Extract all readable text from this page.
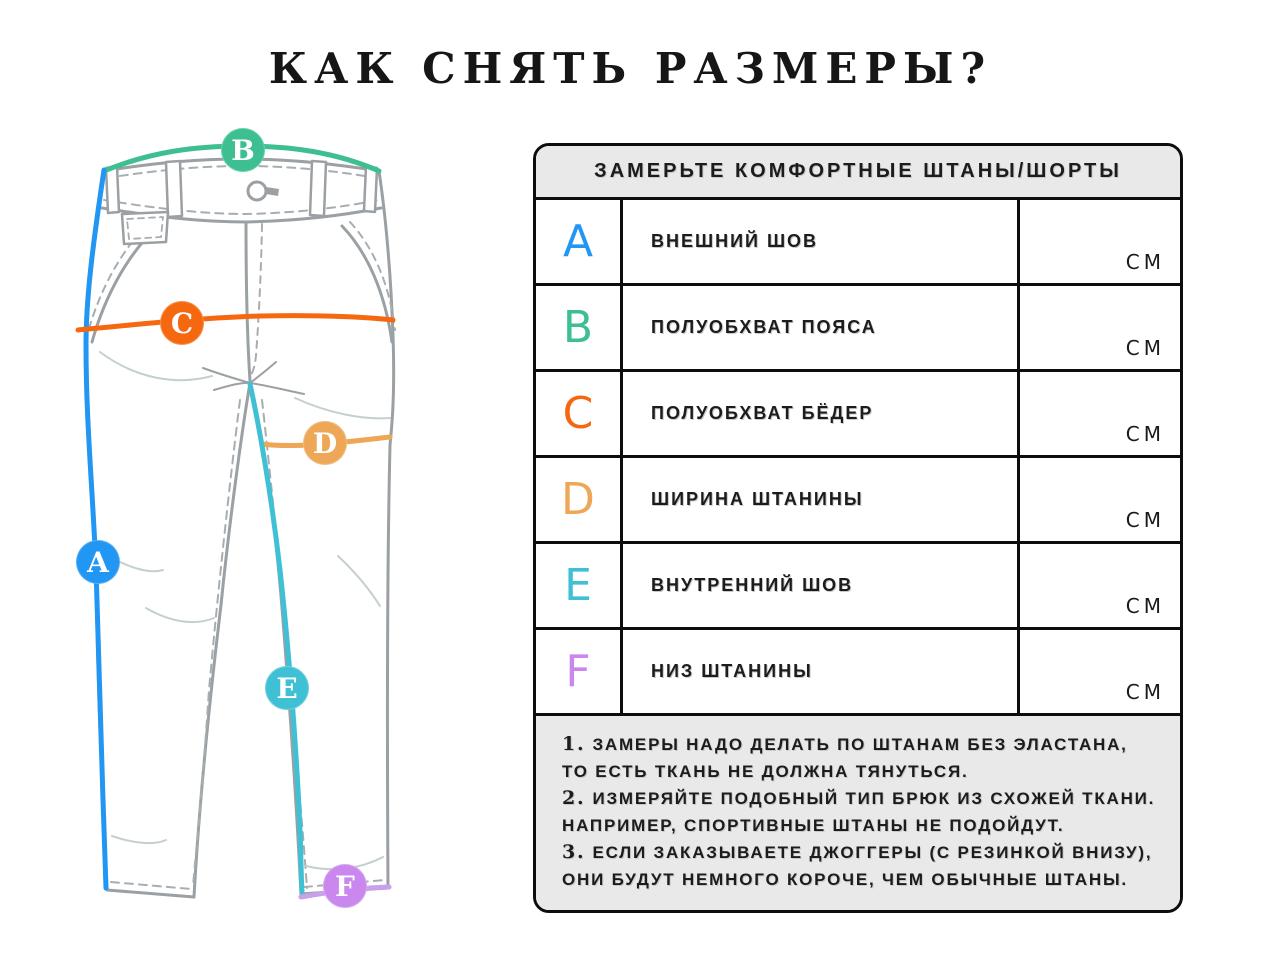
КАК СНЯТЬ РАЗМЕРЫ?
A
B
C
D
E
F
ЗАМЕРЬТЕ КОМФОРТНЫЕ ШТАНЫ/ШОРТЫ
A	ВНЕШНИЙ ШОВ
СМ
B	ПОЛУОБХВАТ ПОЯСА
СМ
C	ПОЛУОБХВАТ БЁДЕР
СМ
D	ШИРИНА ШТАНИНЫ
СМ
E	ВНУТРЕННИЙ ШОВ
СМ
F	НИЗ ШТАНИНЫ
СМ
1. ЗАМЕРЫ НАДО ДЕЛАТЬ ПО ШТАНАМ БЕЗ ЭЛАСТАНА,
ТО ЕСТЬ ТКАНЬ НЕ ДОЛЖНА ТЯНУТЬСЯ.
2. ИЗМЕРЯЙТЕ ПОДОБНЫЙ ТИП БРЮК ИЗ СХОЖЕЙ ТКАНИ.
НАПРИМЕР, СПОРТИВНЫЕ ШТАНЫ НЕ ПОДОЙДУТ.
3. ЕСЛИ ЗАКАЗЫВАЕТЕ ДЖОГГЕРЫ (С РЕЗИНКОЙ ВНИЗУ),
ОНИ БУДУТ НЕМНОГО КОРОЧЕ, ЧЕМ ОБЫЧНЫЕ ШТАНЫ.
